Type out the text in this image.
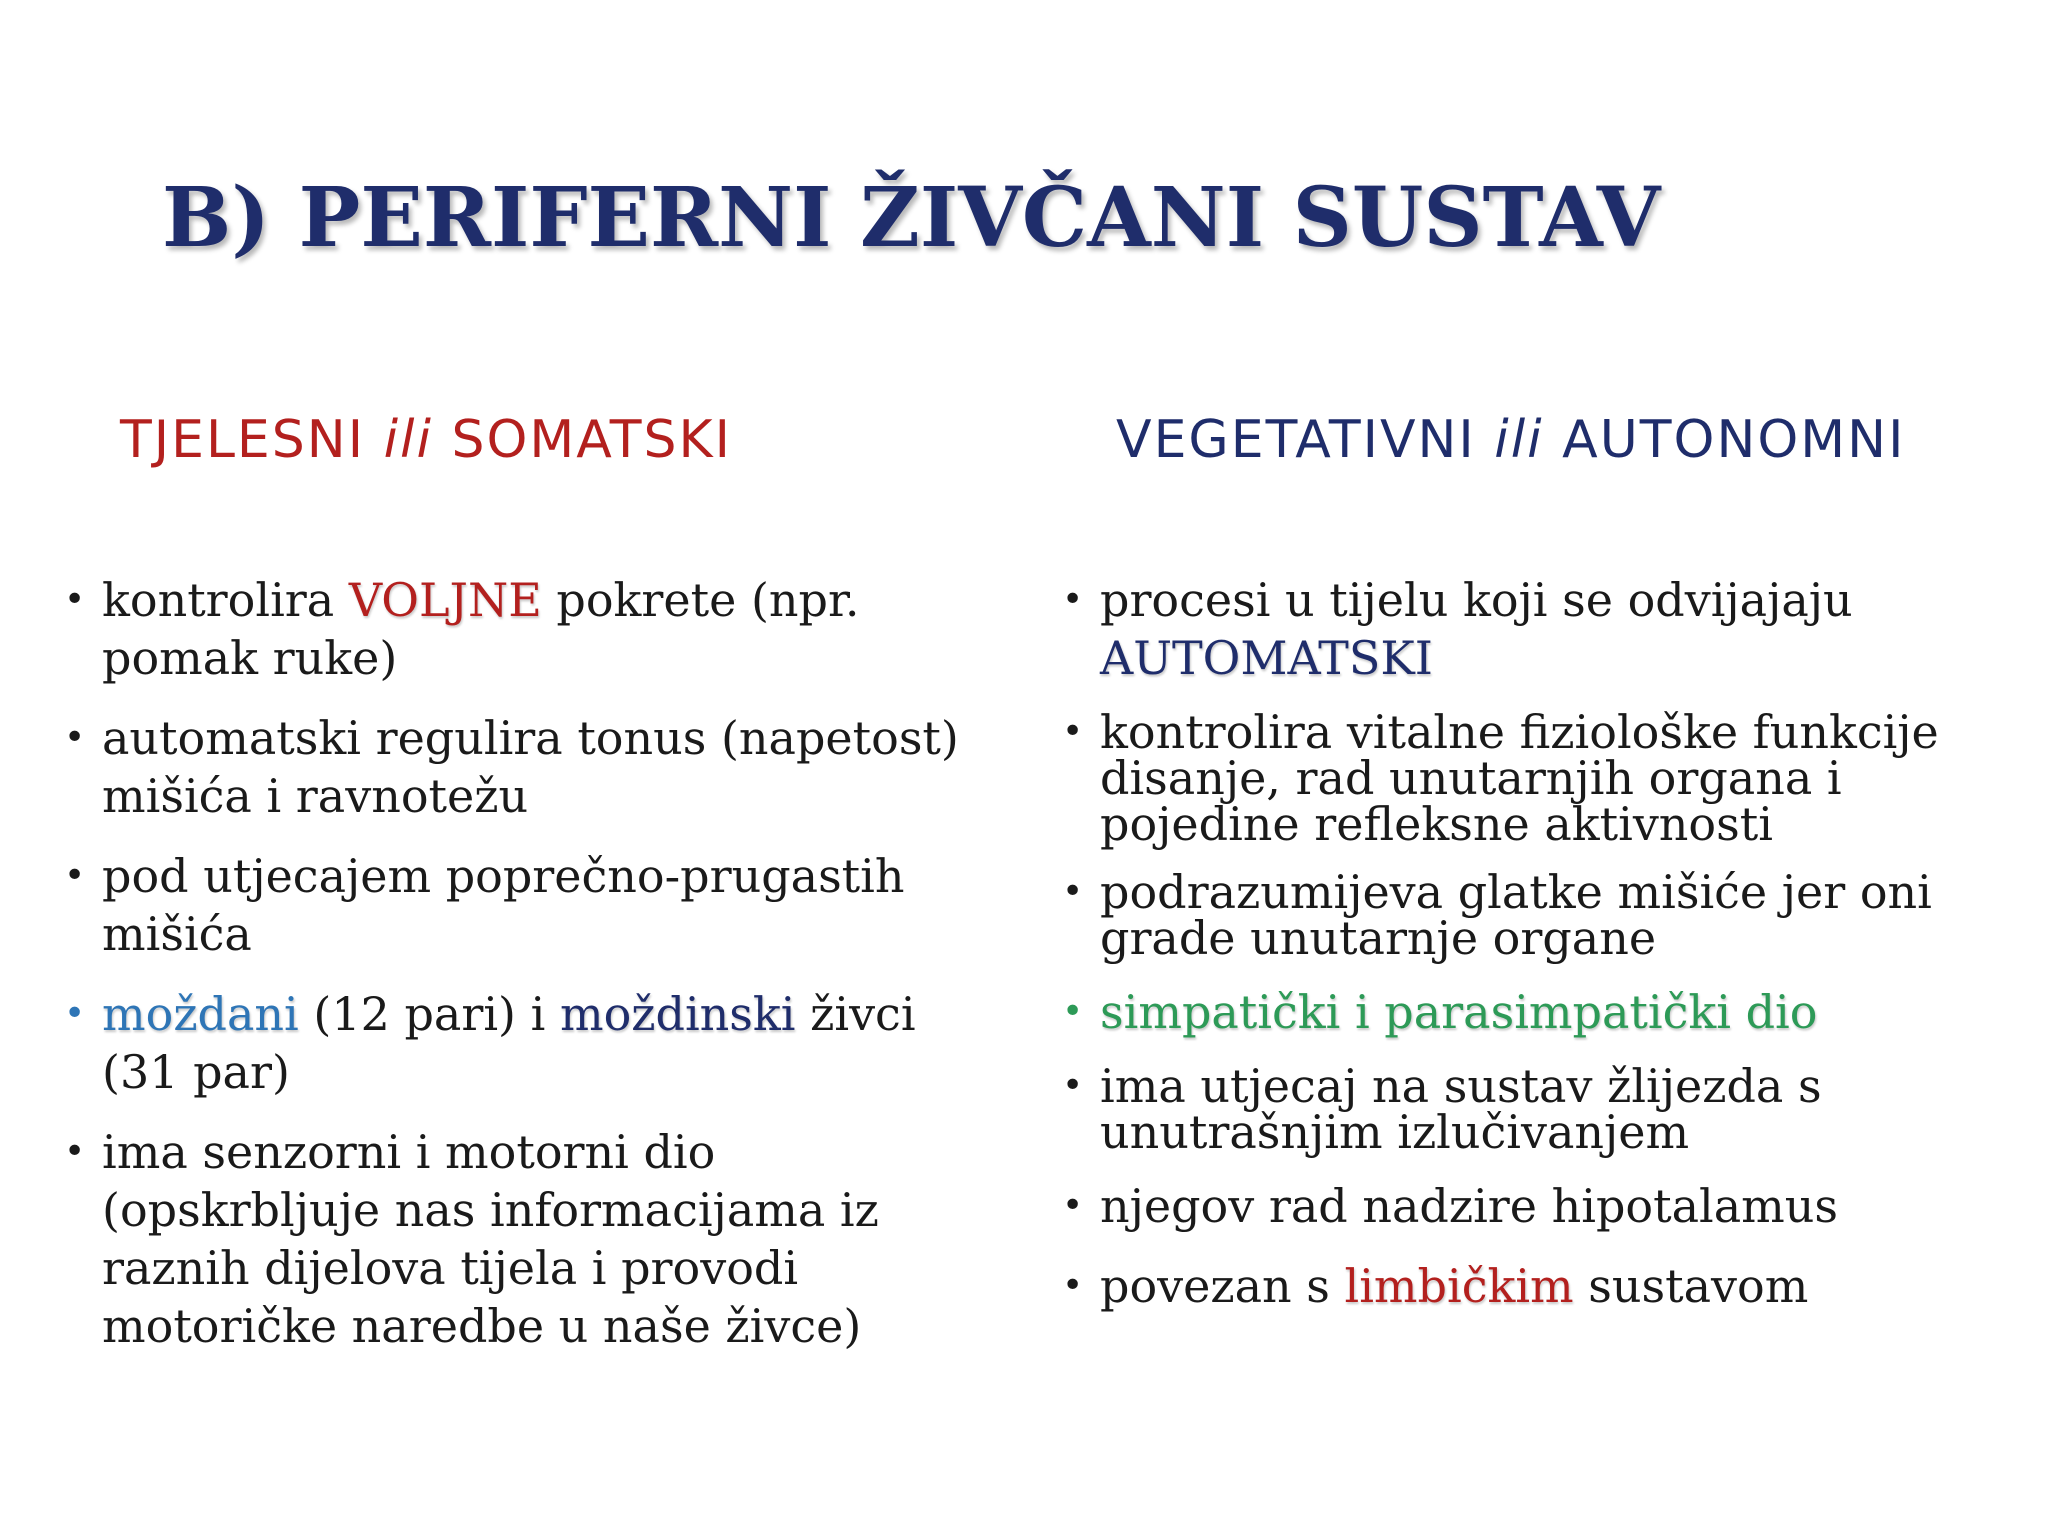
B) PERIFERNI ŽIVČANI SUSTAV
TJELESNI ili SOMATSKI	VEGETATIVNI ili AUTONOMNI
• kontrolira VOLJNE pokrete (npr. pomak ruke)
• automatski regulira tonus (napetost) mišića i ravnotežu
• pod utjecajem poprečno-prugastih mišića
• moždani (12 pari) i moždinski živci (31 par)
• ima senzorni i motorni dio (opskrbljuje nas informacijama iz raznih dijelova tijela i provodi motoričke naredbe u naše živce)
• procesi u tijelu koji se odvijajaju AUTOMATSKI
• kontrolira vitalne fiziološke funkcije disanje, rad unutarnjih organa i pojedine refleksne aktivnosti
• podrazumijeva glatke mišiće jer oni grade unutarnje organe
• simpatički i parasimpatički dio
• ima utjecaj na sustav žlijezda s unutrašnjim izlučivanjem
• njegov rad nadzire hipotalamus
• povezan s limbičkim sustavom
